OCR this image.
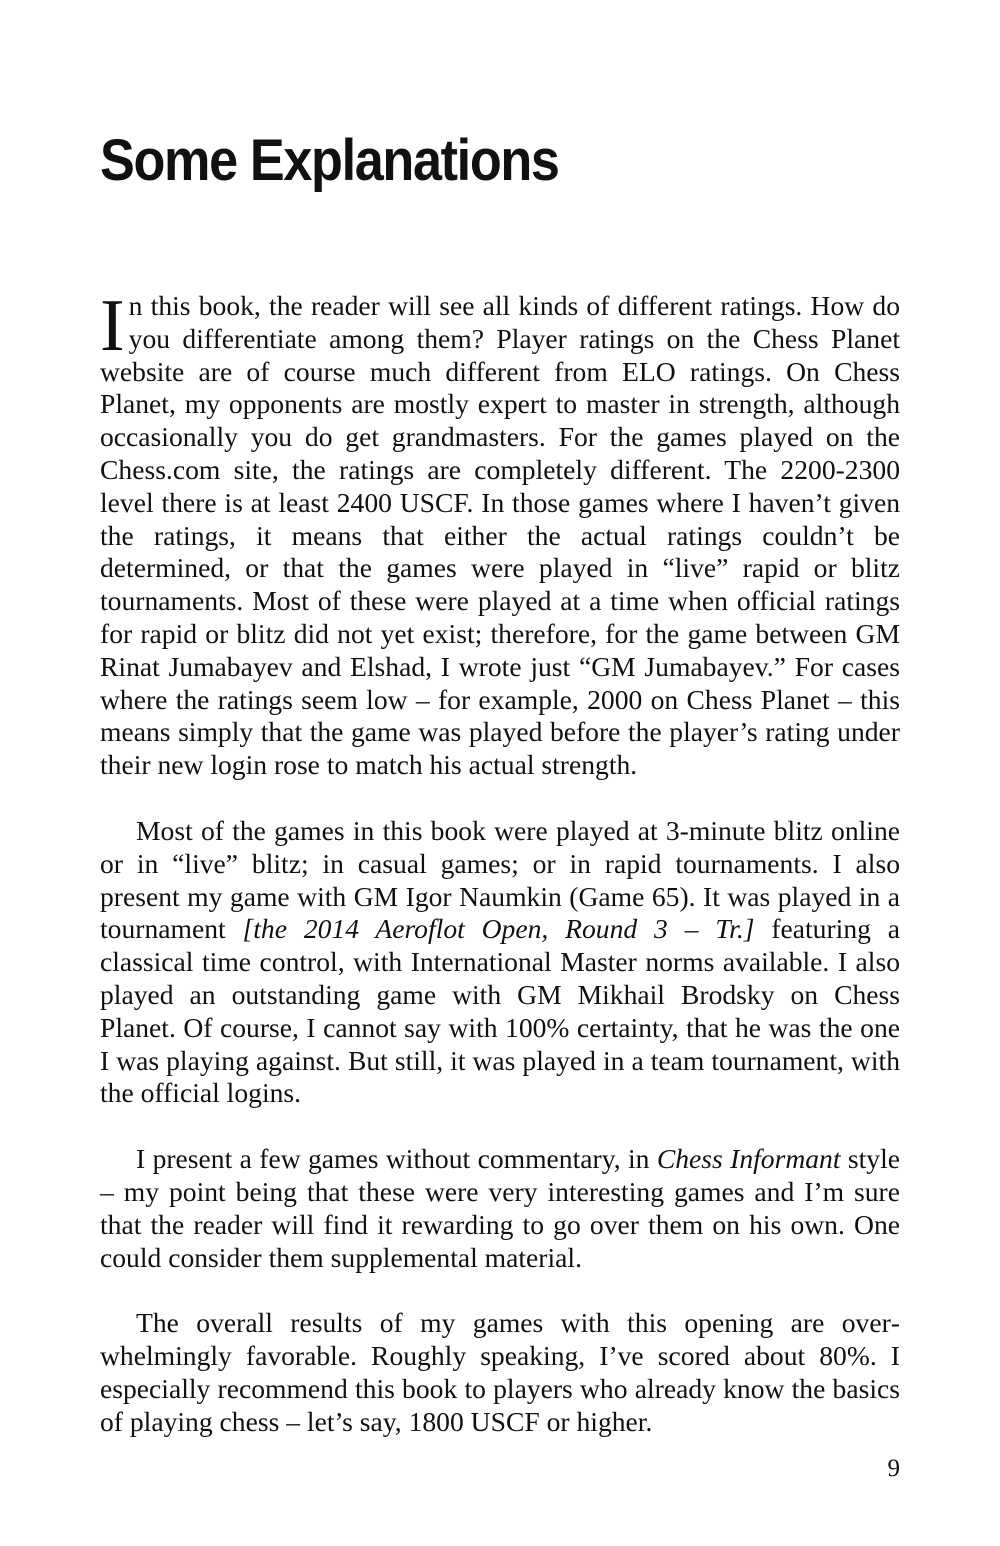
Some Explanations

In this book, the reader will see all kinds of different ratings. How do you differentiate among them? Player ratings on the Chess Planet website are of course much different from ELO ratings. On Chess Planet, my opponents are mostly expert to master in strength, although occasionally you do get grandmasters. For the games played on the Chess.com site, the ratings are completely different. The 2200-2300 level there is at least 2400 USCF. In those games where I haven’t given the ratings, it means that either the actual ratings couldn’t be determined, or that the games were played in “live” rapid or blitz tournaments. Most of these were played at a time when official ratings for rapid or blitz did not yet exist; therefore, for the game between GM Rinat Jumabayev and Elshad, I wrote just “GM Jumabayev.” For cases where the ratings seem low – for example, 2000 on Chess Planet – this means simply that the game was played before the player’s rating under their new login rose to match his actual strength.

Most of the games in this book were played at 3-minute blitz online or in “live” blitz; in casual games; or in rapid tournaments. I also present my game with GM Igor Naumkin (Game 65). It was played in a tournament [the 2014 Aeroflot Open, Round 3 – Tr.] featuring a classical time control, with International Master norms available. I also played an outstanding game with GM Mikhail Brodsky on Chess Planet. Of course, I cannot say with 100% certainty, that he was the one I was playing against. But still, it was played in a team tournament, with the official logins.

I present a few games without commentary, in Chess Informant style – my point being that these were very interesting games and I’m sure that the reader will find it rewarding to go over them on his own. One could consider them supplemental material.

The overall results of my games with this opening are overwhelmingly favorable. Roughly speaking, I’ve scored about 80%. I especially recommend this book to players who already know the basics of playing chess – let’s say, 1800 USCF or higher.

9
